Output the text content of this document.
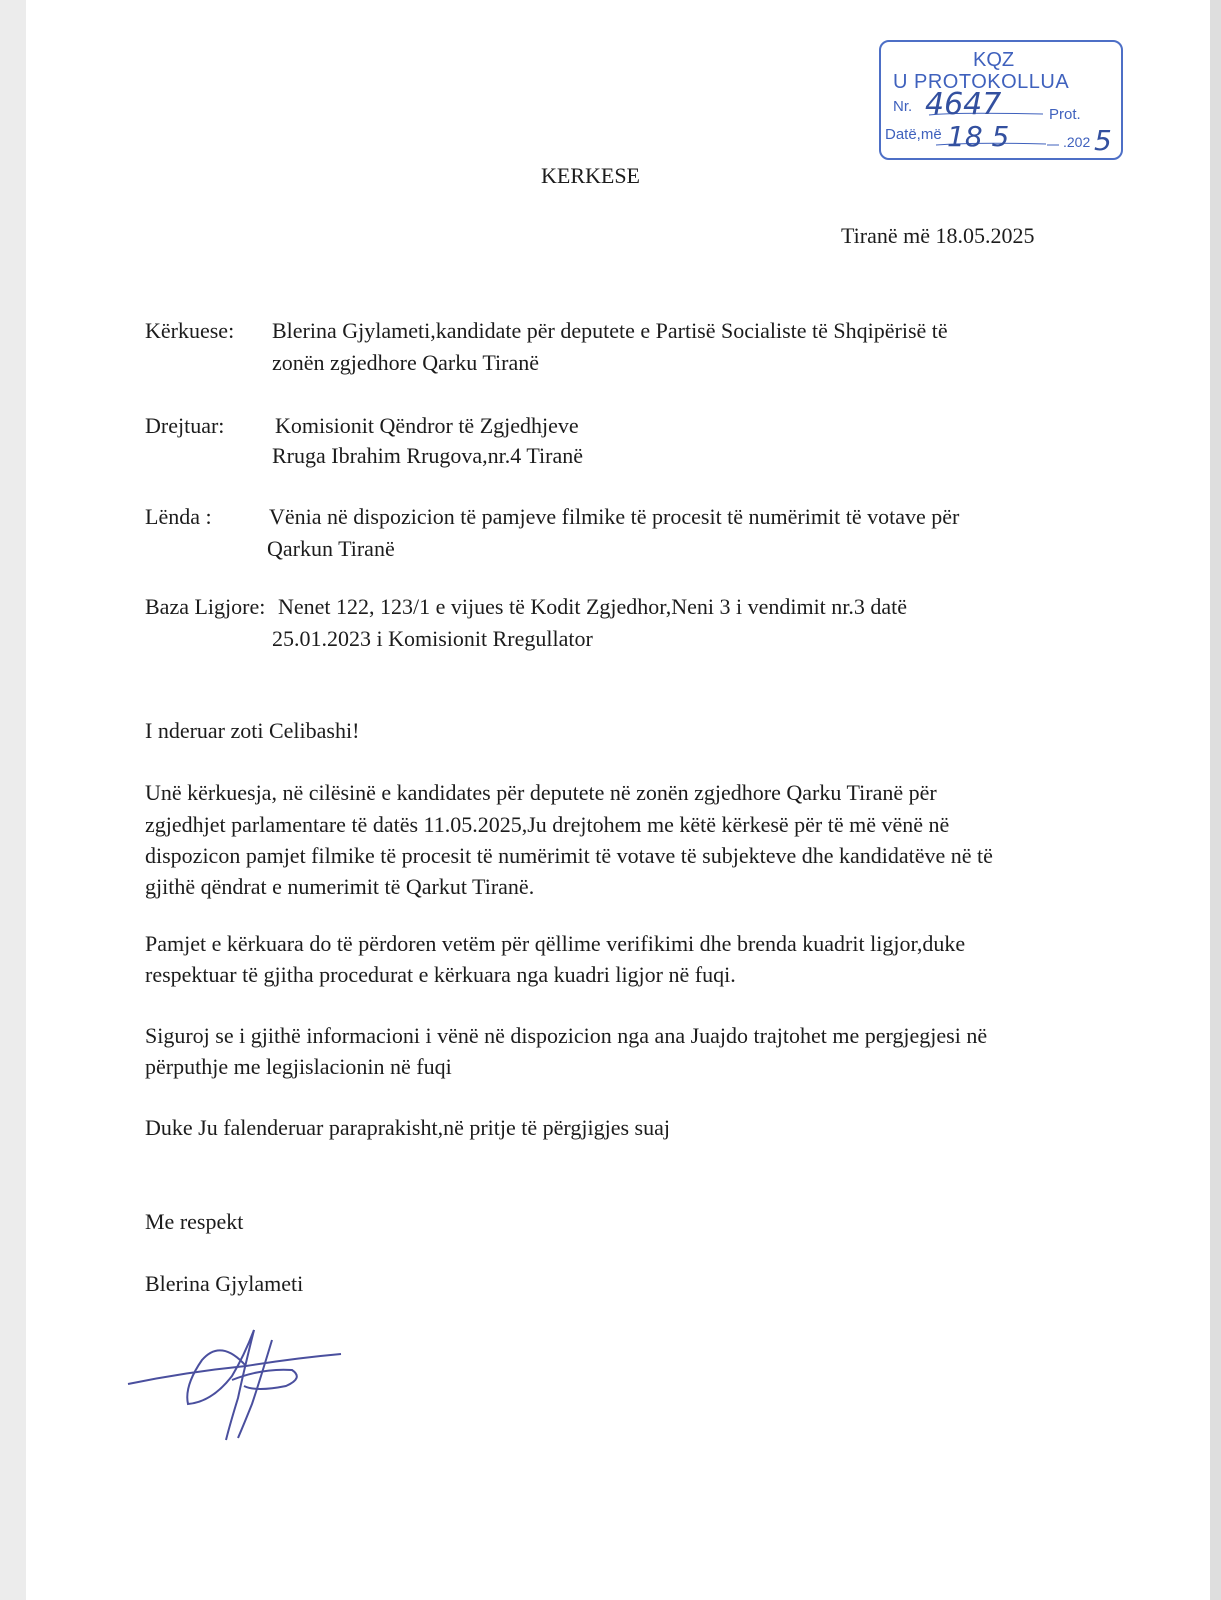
KQZ
U PROTOKOLLUA
Nr.	Prot.
Datë,më	.202
4647
18 5	5
KERKESE
Tiranë më 18.05.2025
Kërkuese: Blerina Gjylameti,kandidate për deputete e Partisë Socialiste të Shqipërisë të
zonën zgjedhore Qarku Tiranë
Drejtuar: Komisionit Qëndror të Zgjedhjeve
Rruga Ibrahim Rrugova,nr.4 Tiranë
Lënda :	Vënia në dispozicion të pamjeve filmike të procesit të numërimit të votave për
Qarkun Tiranë
Baza Ligjore: Nenet 122, 123/1 e vijues të Kodit Zgjedhor,Neni 3 i vendimit nr.3 datë
25.01.2023 i Komisionit Rregullator
I nderuar zoti Celibashi!
Unë kërkuesja, në cilësinë e kandidates për deputete në zonën zgjedhore Qarku Tiranë për
zgjedhjet parlamentare të datës 11.05.2025,Ju drejtohem me këtë kërkesë për të më vënë në
dispozicon pamjet filmike të procesit të numërimit të votave të subjekteve dhe kandidatëve në të
gjithë qëndrat e numerimit të Qarkut Tiranë.
Pamjet e kërkuara do të përdoren vetëm për qëllime verifikimi dhe brenda kuadrit ligjor,duke
respektuar të gjitha procedurat e kërkuara nga kuadri ligjor në fuqi.
Siguroj se i gjithë informacioni i vënë në dispozicion nga ana Juajdo trajtohet me pergjegjesi në
përputhje me legjislacionin në fuqi
Duke Ju falenderuar paraprakisht,në pritje të përgjigjes suaj
Me respekt
Blerina Gjylameti
